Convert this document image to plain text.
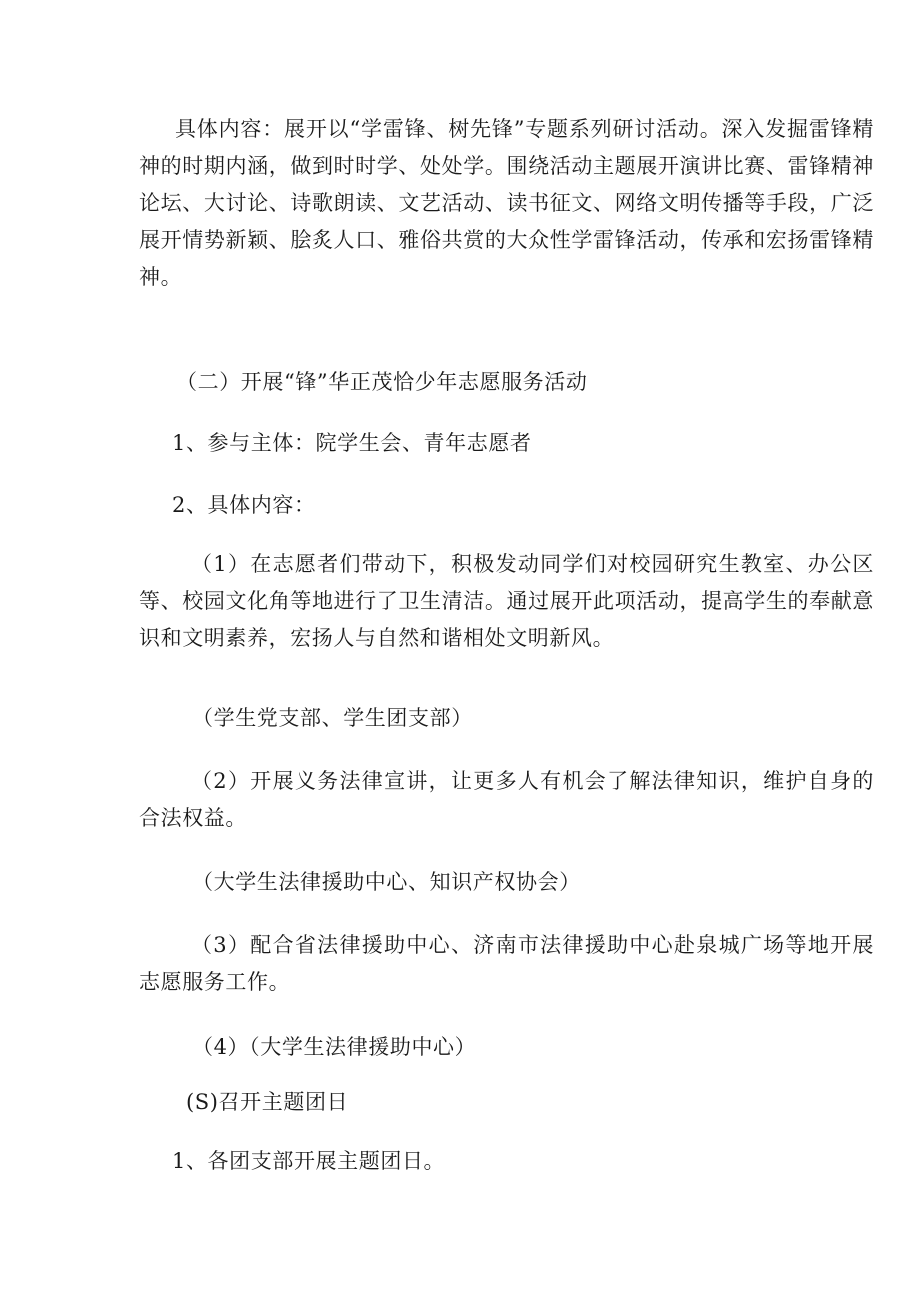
具体内容：展开以“学雷锋、树先锋”专题系列研讨活动。深入发掘雷锋精神的时期内涵，做到时时学、处处学。围绕活动主题展开演讲比赛、雷锋精神论坛、大讨论、诗歌朗读、文艺活动、读书征文、网络文明传播等手段，广泛展开情势新颖、脍炙人口、雅俗共赏的大众性学雷锋活动，传承和宏扬雷锋精神。

（二）开展“锋”华正茂恰少年志愿服务活动

1、参与主体：院学生会、青年志愿者

2、具体内容：

（1）在志愿者们带动下，积极发动同学们对校园研究生教室、办公区等、校园文化角等地进行了卫生清洁。通过展开此项活动，提高学生的奉献意识和文明素养，宏扬人与自然和谐相处文明新风。

（学生党支部、学生团支部）

（2）开展义务法律宣讲，让更多人有机会了解法律知识，维护自身的合法权益。

（大学生法律援助中心、知识产权协会）

（3）配合省法律援助中心、济南市法律援助中心赴泉城广场等地开展志愿服务工作。

（4）（大学生法律援助中心）

(S)召开主题团日

1、各团支部开展主题团日。
